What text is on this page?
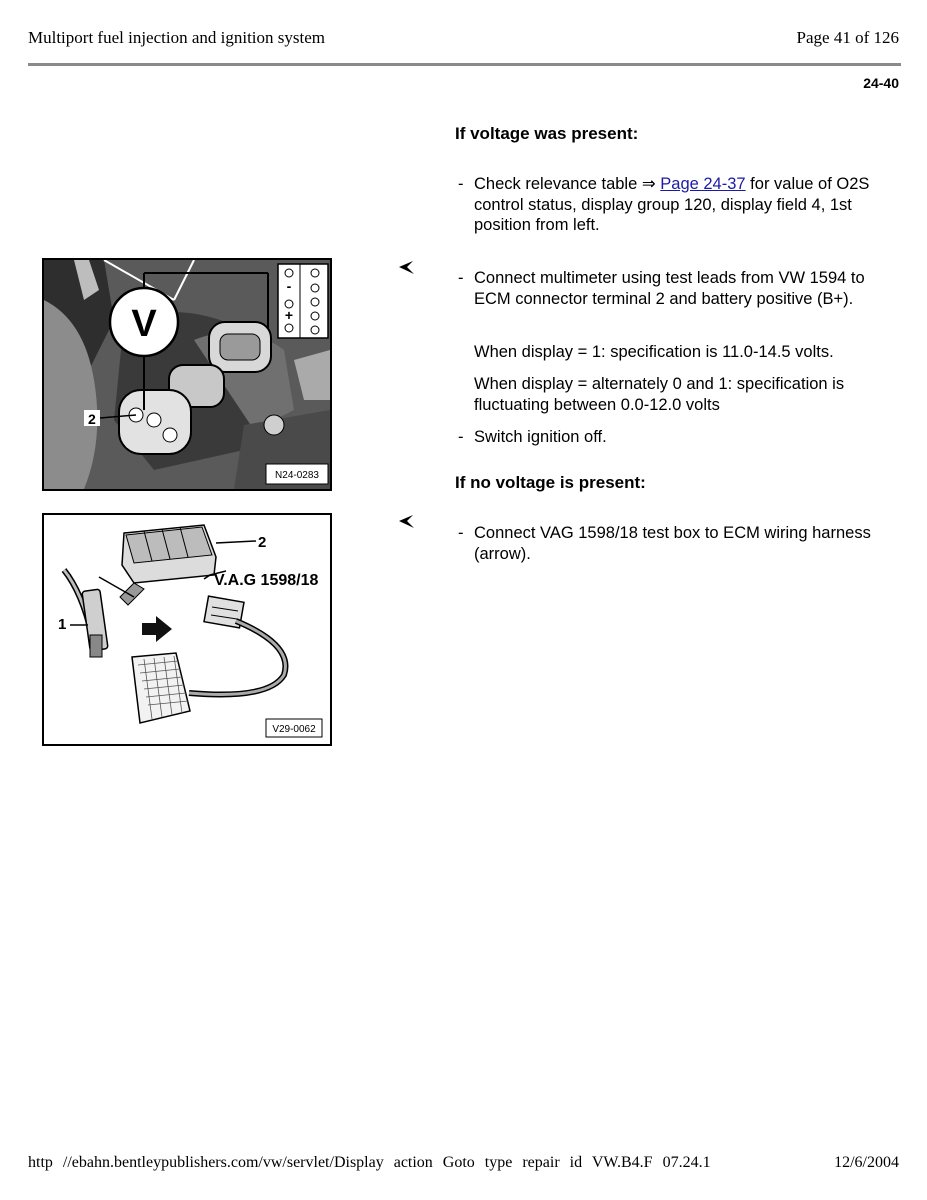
Multiport fuel injection and ignition system	Page 41 of 126
24-40
If voltage was present:
- Check relevance table ⇒ Page 24-37 for value of O2S control status, display group 120, display field 4, 1st position from left.
- Connect multimeter using test leads from VW 1594 to ECM connector terminal 2 and battery positive (B+).
When display = 1: specification is 11.0-14.5 volts.
When display = alternately 0 and 1: specification is fluctuating between 0.0-12.0 volts
- Switch ignition off.
If no voltage is present:
- Connect VAG 1598/18 test box to ECM wiring harness (arrow).
V
-
+
2
N24-0283
2
1
V.A.G 1598/18
V29-0062
http //ebahn.bentleypublishers.com/vw/servlet/Display action Goto type repair id VW.B4.F 07.24.1	12/6/2004
